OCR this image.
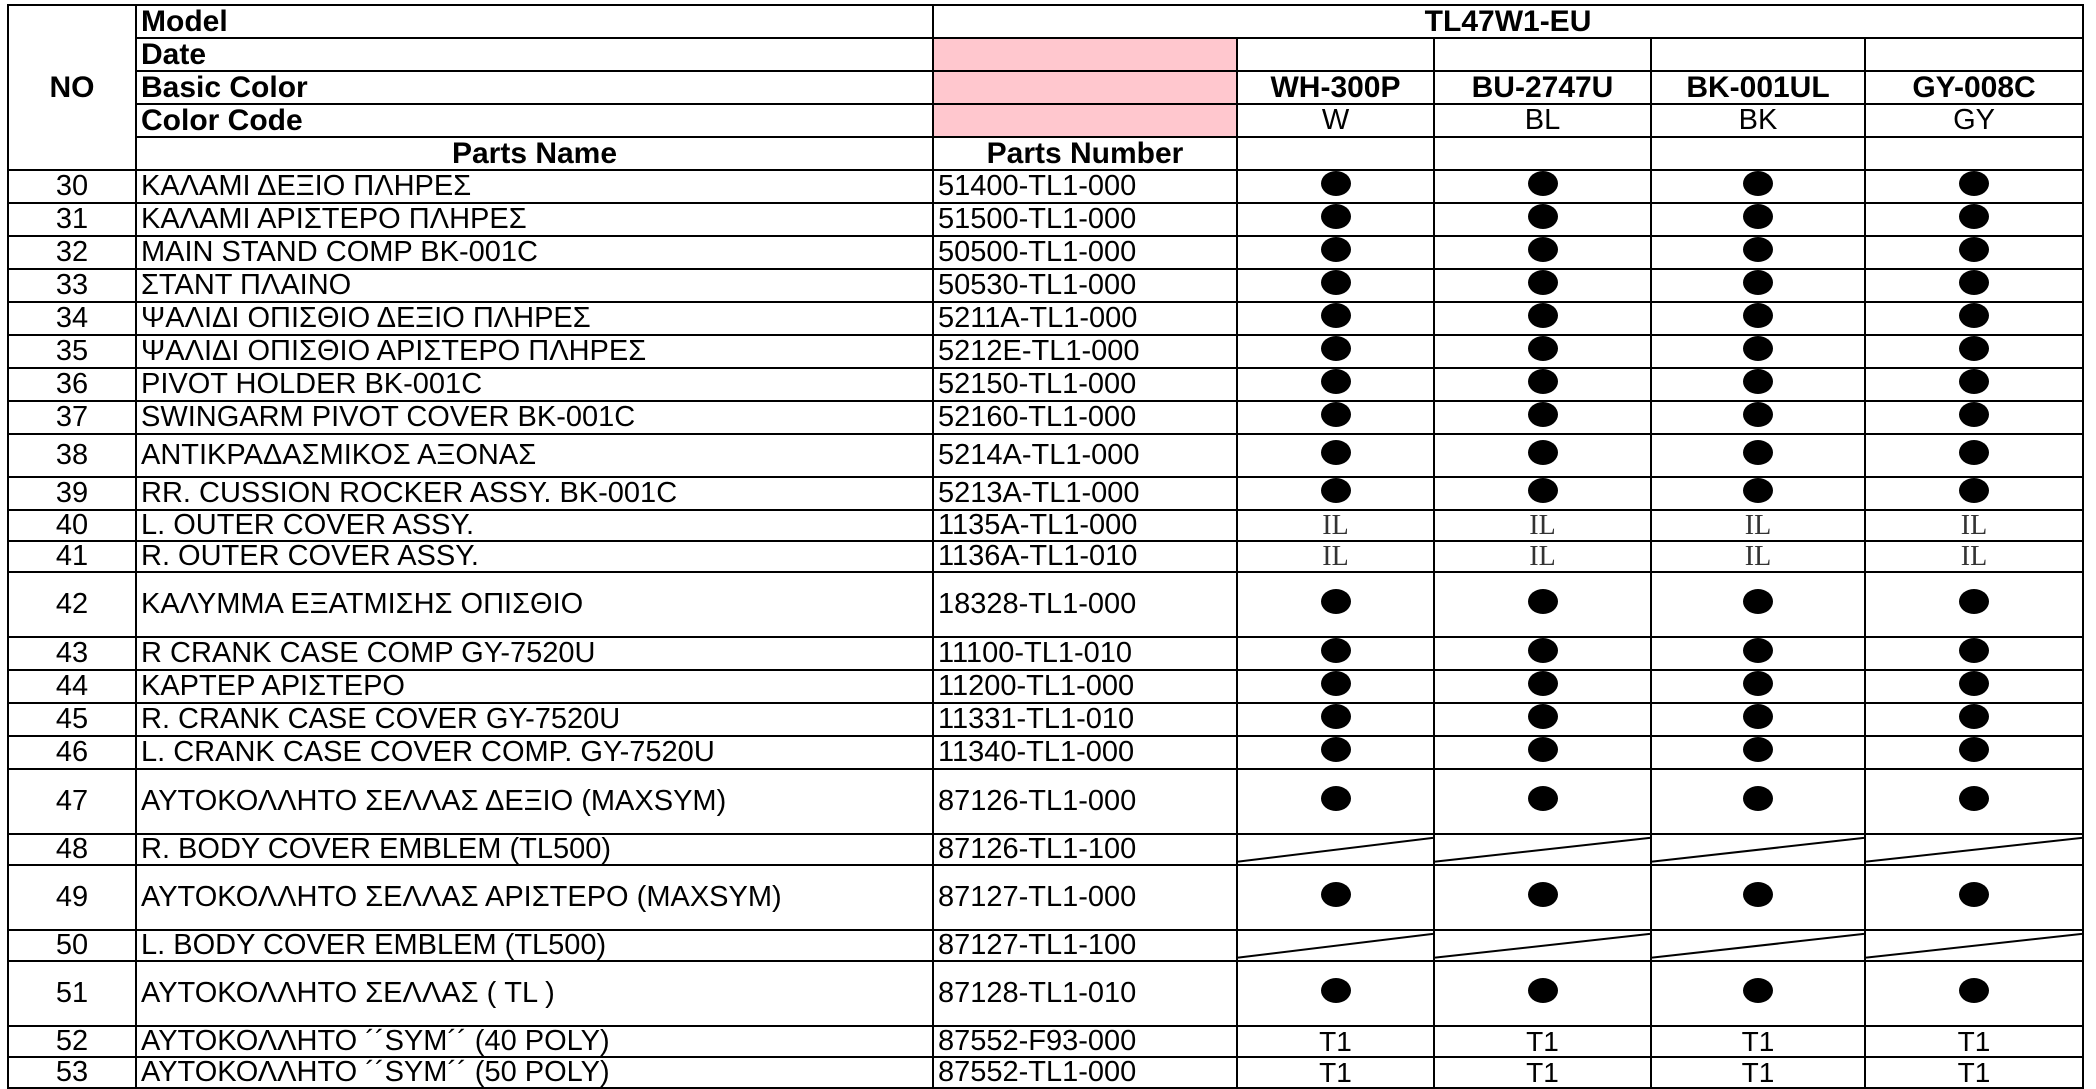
NO	Model	TL47W1-EU				
	Date					
	Basic Color		WH-300P	BU-2747U	BK-001UL	GY-008C
	Color Code		W	BL	BK	GY
	Parts Name	Parts Number				
30	ΚΑΛΑΜΙ ΔΕΞΙΟ ΠΛΗΡΕΣ	51400-TL1-000				
31	ΚΑΛΑΜΙ ΑΡΙΣΤΕΡΟ ΠΛΗΡΕΣ	51500-TL1-000				
32	MAIN STAND COMP BK-001C	50500-TL1-000				
33	ΣΤΑΝΤ ΠΛΑΙΝΟ	50530-TL1-000				
34	ΨΑΛΙΔΙ ΟΠΙΣΘΙΟ ΔΕΞΙΟ ΠΛΗΡΕΣ	5211A-TL1-000				
35	ΨΑΛΙΔΙ ΟΠΙΣΘΙΟ ΑΡΙΣΤΕΡΟ ΠΛΗΡΕΣ	5212E-TL1-000				
36	PIVOT HOLDER BK-001C	52150-TL1-000				
37	SWINGARM PIVOT COVER BK-001C	52160-TL1-000				
38	ΑΝΤΙΚΡΑΔΑΣΜΙΚΟΣ ΑΞΟΝΑΣ	5214A-TL1-000				
39	RR. CUSSION ROCKER ASSY. BK-001C	5213A-TL1-000				
40	L. OUTER COVER ASSY.	1135A-TL1-000	IL	IL	IL	IL
41	R. OUTER COVER ASSY.	1136A-TL1-010	IL	IL	IL	IL
42	ΚΑΛΥΜΜΑ ΕΞΑΤΜΙΣΗΣ ΟΠΙΣΘΙΟ	18328-TL1-000				
43	R CRANK CASE COMP GY-7520U	11100-TL1-010				
44	ΚΑΡΤΕΡ ΑΡΙΣΤΕΡΟ	11200-TL1-000				
45	R. CRANK CASE COVER GY-7520U	11331-TL1-010				
46	L. CRANK CASE COVER COMP. GY-7520U	11340-TL1-000				
47	ΑΥΤΟΚΟΛΛΗΤΟ ΣΕΛΛΑΣ ΔΕΞΙΟ (MAXSYM)	87126-TL1-000				
48	R. BODY COVER EMBLEM (TL500)	87126-TL1-100	

49	ΑΥΤΟΚΟΛΛΗΤΟ ΣΕΛΛΑΣ ΑΡΙΣΤΕΡΟ (MAXSYM)	87127-TL1-000				
50	L. BODY COVER EMBLEM (TL500)	87127-TL1-100	

51	ΑΥΤΟΚΟΛΛΗΤΟ ΣΕΛΛΑΣ ( TL )	87128-TL1-010				
52	ΑΥΤΟΚΟΛΛΗΤΟ ´´SYM´´ (40 POLY)	87552-F93-000	T1	T1	T1	T1
53	ΑΥΤΟΚΟΛΛΗΤΟ ´´SYM´´ (50 POLY)	87552-TL1-000	T1	T1	T1	T1
